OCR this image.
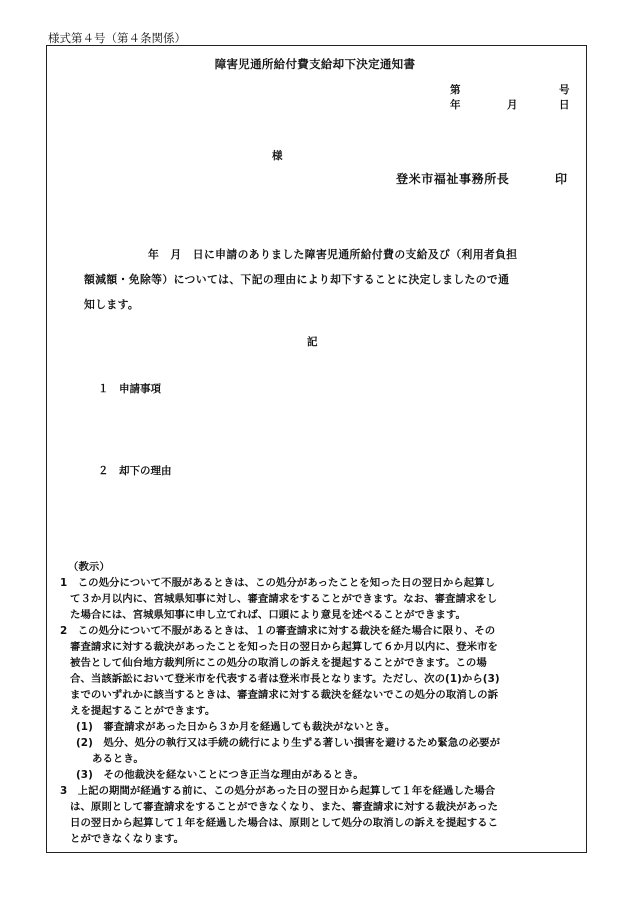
様式第４号（第４条関係）
障害児通所給付費支給却下決定通知書
第	号
年	月	日
様
登米市福祉事務所長	印
年　月　日に申請のありました障害児通所給付費の支給及び（利用者負担
額減額・免除等）については、下記の理由により却下することに決定しましたので通
知します。
記
１　申請事項
２　却下の理由
（教示）
1　この処分について不服があるときは、この処分があったことを知った日の翌日から起算し
て３か月以内に、宮城県知事に対し、審査請求をすることができます。なお、審査請求をし
た場合には、宮城県知事に申し立てれば、口頭により意見を述べることができます。
2　この処分について不服があるときは、１の審査請求に対する裁決を経た場合に限り、その
審査請求に対する裁決があったことを知った日の翌日から起算して６か月以内に、登米市を
被告として仙台地方裁判所にこの処分の取消しの訴えを提起することができます。この場
合、当該訴訟において登米市を代表する者は登米市長となります。ただし、次の(1)から(3)
までのいずれかに該当するときは、審査請求に対する裁決を経ないでこの処分の取消しの訴
えを提起することができます。
(1)　審査請求があった日から３か月を経過しても裁決がないとき。
(2)　処分、処分の執行又は手続の続行により生ずる著しい損害を避けるため緊急の必要が
あるとき。
(3)　その他裁決を経ないことにつき正当な理由があるとき。
3　上記の期間が経過する前に、この処分があった日の翌日から起算して１年を経過した場合
は、原則として審査請求をすることができなくなり、また、審査請求に対する裁決があった
日の翌日から起算して１年を経過した場合は、原則として処分の取消しの訴えを提起するこ
とができなくなります。
